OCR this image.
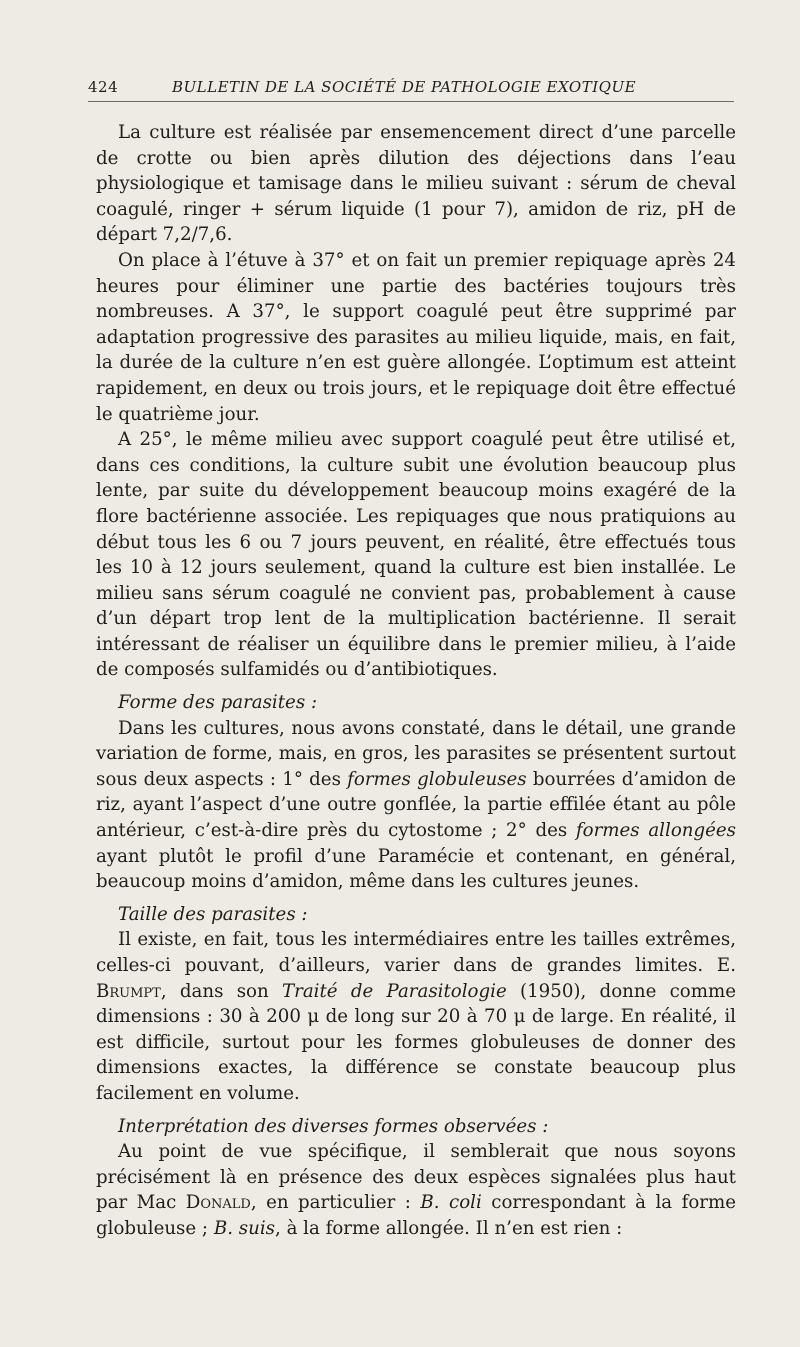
424	BULLETIN DE LA SOCIÉTÉ DE PATHOLOGIE EXOTIQUE

La culture est réalisée par ensemencement direct d’une parcelle de crotte ou bien après dilution des déjections dans l’eau physiologique et tamisage dans le milieu suivant : sérum de cheval coagulé, ringer + sérum liquide (1 pour 7), amidon de riz, pH de départ 7,2/7,6.

On place à l’étuve à 37° et on fait un premier repiquage après 24 heures pour éliminer une partie des bactéries toujours très nombreuses. A 37°, le support coagulé peut être supprimé par adaptation progressive des parasites au milieu liquide, mais, en fait, la durée de la culture n’en est guère allongée. L’optimum est atteint rapidement, en deux ou trois jours, et le repiquage doit être effectué le quatrième jour.

A 25°, le même milieu avec support coagulé peut être utilisé et, dans ces conditions, la culture subit une évolution beaucoup plus lente, par suite du développement beaucoup moins exagéré de la flore bactérienne associée. Les repiquages que nous pratiquions au début tous les 6 ou 7 jours peuvent, en réalité, être effectués tous les 10 à 12 jours seulement, quand la culture est bien installée. Le milieu sans sérum coagulé ne convient pas, probablement à cause d’un départ trop lent de la multiplication bactérienne. Il serait intéressant de réaliser un équilibre dans le premier milieu, à l’aide de composés sulfamidés ou d’antibiotiques.

Forme des parasites :

Dans les cultures, nous avons constaté, dans le détail, une grande variation de forme, mais, en gros, les parasites se présentent surtout sous deux aspects : 1° des formes globuleuses bourrées d’amidon de riz, ayant l’aspect d’une outre gonflée, la partie effilée étant au pôle antérieur, c’est-à-dire près du cytostome ; 2° des formes allongées ayant plutôt le profil d’une Paramécie et contenant, en général, beaucoup moins d’amidon, même dans les cultures jeunes.

Taille des parasites :

Il existe, en fait, tous les intermédiaires entre les tailles extrêmes, celles-ci pouvant, d’ailleurs, varier dans de grandes limites. E. Brumpt, dans son Traité de Parasitologie (1950), donne comme dimensions : 30 à 200 μ de long sur 20 à 70 μ de large. En réalité, il est difficile, surtout pour les formes globuleuses de donner des dimensions exactes, la différence se constate beaucoup plus facilement en volume.

Interprétation des diverses formes observées :

Au point de vue spécifique, il semblerait que nous soyons précisément là en présence des deux espèces signalées plus haut par Mac Donald, en particulier : B. coli correspondant à la forme globuleuse ; B. suis, à la forme allongée. Il n’en est rien :
